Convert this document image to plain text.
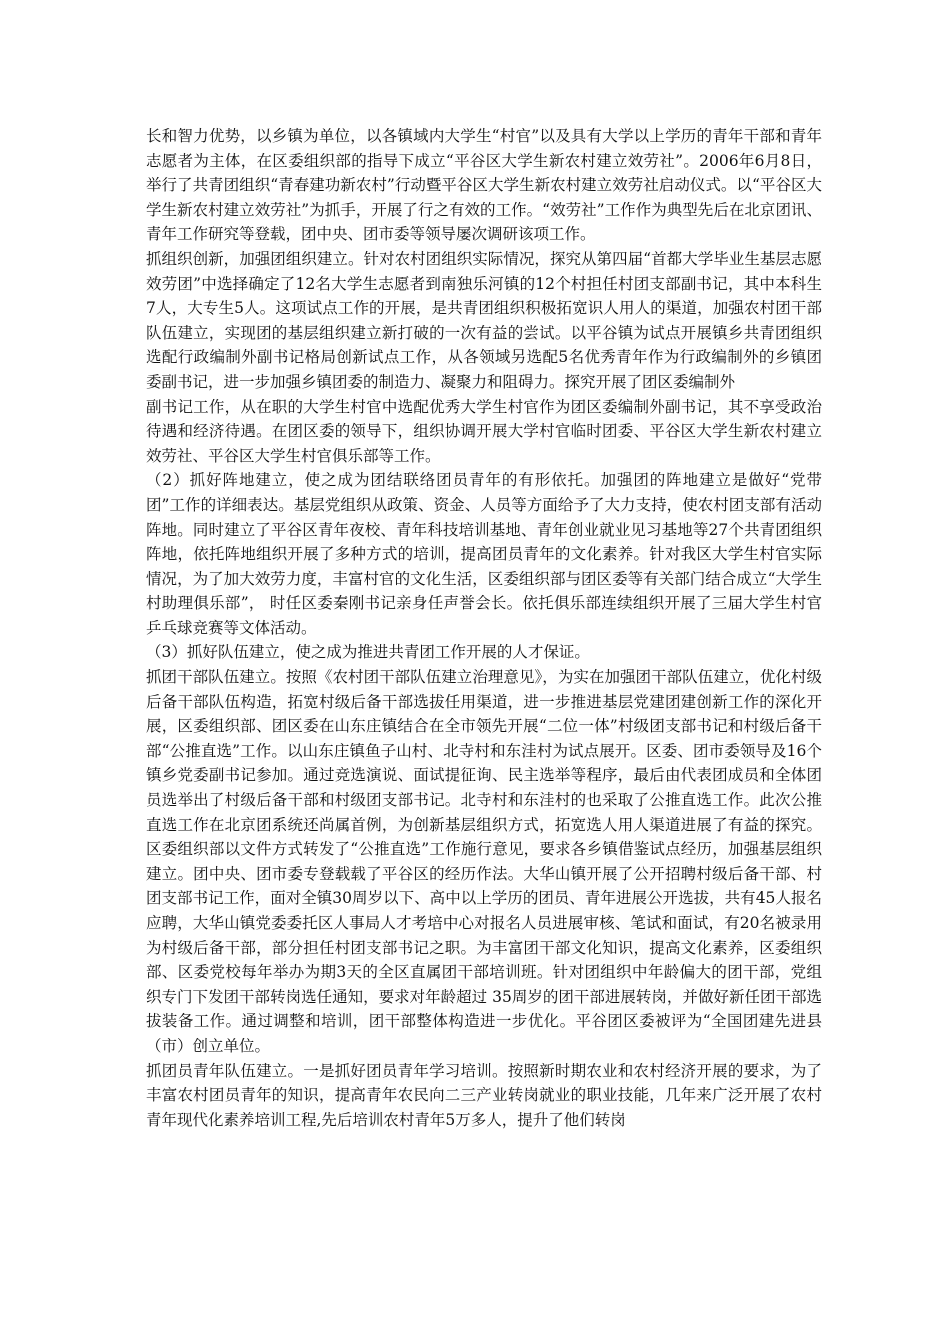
长和智力优势，以乡镇为单位，以各镇域内大学生“村官”以及具有大学以上学历的青年干部和青年志愿者为主体，在区委组织部的指导下成立“平谷区大学生新农村建立效劳社”。2006年6月8日，举行了共青团组织“青春建功新农村”行动暨平谷区大学生新农村建立效劳社启动仪式。以“平谷区大学生新农村建立效劳社”为抓手，开展了行之有效的工作。“效劳社”工作作为典型先后在北京团讯、青年工作研究等登载，团中央、团市委等领导屡次调研该项工作。

抓组织创新，加强团组织建立。针对农村团组织实际情况，探究从第四届“首都大学毕业生基层志愿效劳团”中选择确定了12名大学生志愿者到南独乐河镇的12个村担任村团支部副书记，其中本科生7人，大专生5人。这项试点工作的开展，是共青团组织积极拓宽识人用人的渠道，加强农村团干部队伍建立，实现团的基层组织建立新打破的一次有益的尝试。以平谷镇为试点开展镇乡共青团组织选配行政编制外副书记格局创新试点工作，从各领域另选配5名优秀青年作为行政编制外的乡镇团委副书记，进一步加强乡镇团委的制造力、凝聚力和阻碍力。探究开展了团区委编制外

副书记工作，从在职的大学生村官中选配优秀大学生村官作为团区委编制外副书记，其不享受政治待遇和经济待遇。在团区委的领导下，组织协调开展大学村官临时团委、平谷区大学生新农村建立效劳社、平谷区大学生村官俱乐部等工作。

（2）抓好阵地建立，使之成为团结联络团员青年的有形依托。加强团的阵地建立是做好“党带团”工作的详细表达。基层党组织从政策、资金、人员等方面给予了大力支持，使农村团支部有活动阵地。同时建立了平谷区青年夜校、青年科技培训基地、青年创业就业见习基地等27个共青团组织阵地，依托阵地组织开展了多种方式的培训，提高团员青年的文化素养。针对我区大学生村官实际情况，为了加大效劳力度，丰富村官的文化生活，区委组织部与团区委等有关部门结合成立“大学生村助理俱乐部”， 时任区委秦刚书记亲身任声誉会长。依托俱乐部连续组织开展了三届大学生村官乒乓球竞赛等文体活动。

（3）抓好队伍建立，使之成为推进共青团工作开展的人才保证。

抓团干部队伍建立。按照《农村团干部队伍建立治理意见》，为实在加强团干部队伍建立，优化村级后备干部队伍构造，拓宽村级后备干部选拔任用渠道，进一步推进基层党建团建创新工作的深化开展，区委组织部、团区委在山东庄镇结合在全市领先开展“二位一体”村级团支部书记和村级后备干部“公推直选”工作。以山东庄镇鱼子山村、北寺村和东洼村为试点展开。区委、团市委领导及16个镇乡党委副书记参加。通过竞选演说、面试提征询、民主选举等程序，最后由代表团成员和全体团员选举出了村级后备干部和村级团支部书记。北寺村和东洼村的也采取了公推直选工作。此次公推直选工作在北京团系统还尚属首例，为创新基层组织方式，拓宽选人用人渠道进展了有益的探究。区委组织部以文件方式转发了“公推直选”工作施行意见，要求各乡镇借鉴试点经历，加强基层组织建立。团中央、团市委专登载载了平谷区的经历作法。大华山镇开展了公开招聘村级后备干部、村团支部书记工作，面对全镇30周岁以下、高中以上学历的团员、青年进展公开选拔，共有45人报名应聘，大华山镇党委委托区人事局人才考培中心对报名人员进展审核、笔试和面试，有20名被录用为村级后备干部，部分担任村团支部书记之职。为丰富团干部文化知识，提高文化素养，区委组织部、区委党校每年举办为期3天的全区直属团干部培训班。针对团组织中年龄偏大的团干部，党组织专门下发团干部转岗选任通知，要求对年龄超过 35周岁的团干部进展转岗，并做好新任团干部选拔装备工作。通过调整和培训，团干部整体构造进一步优化。平谷团区委被评为“全国团建先进县（市）创立单位。

抓团员青年队伍建立。一是抓好团员青年学习培训。按照新时期农业和农村经济开展的要求，为了丰富农村团员青年的知识，提高青年农民向二三产业转岗就业的职业技能，几年来广泛开展了农村青年现代化素养培训工程,先后培训农村青年5万多人，提升了他们转岗
